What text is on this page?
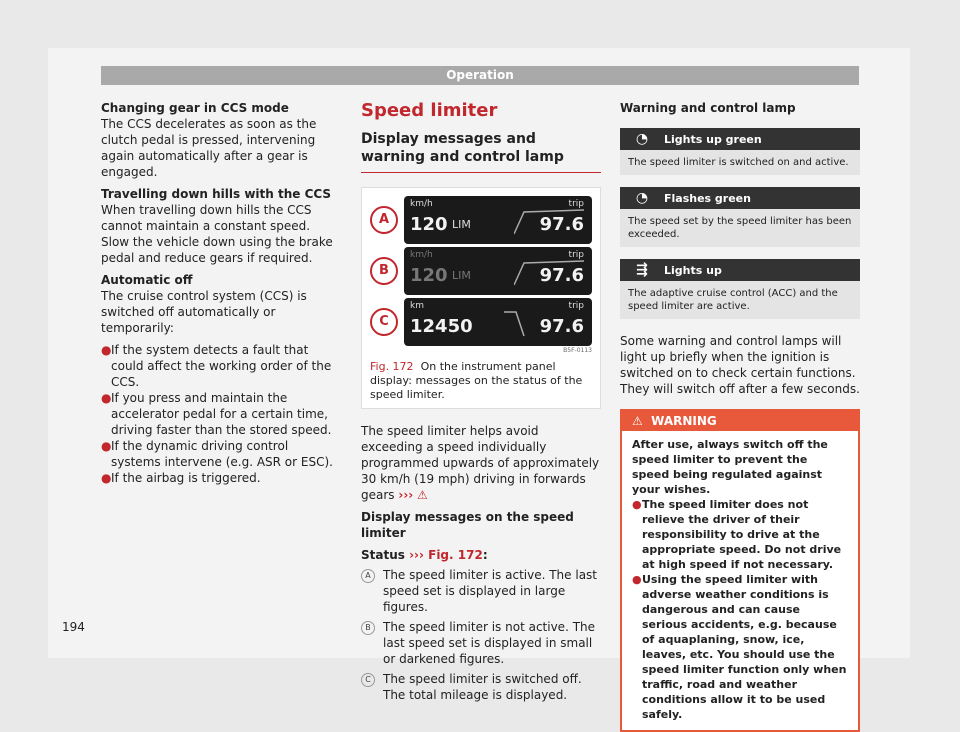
Operation

Changing gear in CCS mode

The CCS decelerates as soon as the clutch pedal is pressed, intervening again automatically after a gear is engaged.

Travelling down hills with the CCS

When travelling down hills the CCS cannot maintain a constant speed. Slow the vehicle down using the brake pedal and reduce gears if required.

Automatic off

The cruise control system (CCS) is switched off automatically or temporarily:

● If the system detects a fault that could affect the working order of the CCS.
● If you press and maintain the accelerator pedal for a certain time, driving faster than the stored speed.
● If the dynamic driving control systems intervene (e.g. ASR or ESC).
● If the airbag is triggered.
Speed limiter
Display messages and warning and control lamp
A
km/h
120 LIM
trip
97.6
B
km/h
120 LIM
trip
97.6
C
km
12450
trip
97.6
B5F-0113
Fig. 172 On the instrument panel display: messages on the status of the speed limiter.

The speed limiter helps avoid exceeding a speed individually programmed upwards of approximately 30 km/h (19 mph) driving in forwards gears ››› ⚠

Display messages on the speed limiter

Status ››› Fig. 172:

A	The speed limiter is active. The last speed set is displayed in large figures.
B	The speed limiter is not active. The last speed set is displayed in small or darkened figures.
C	The speed limiter is switched off. The total mileage is displayed.

Warning and control lamp

◔	Lights up green
The speed limiter is switched on and active.
◔	Flashes green
The speed set by the speed limiter has been exceeded.
⇶	Lights up
The adaptive cruise control (ACC) and the speed limiter are active.

Some warning and control lamps will light up briefly when the ignition is switched on to check certain functions. They will switch off after a few seconds.

⚠ WARNING
After use, always switch off the speed limiter to prevent the speed being regulated against your wishes.
● The speed limiter does not relieve the driver of their responsibility to drive at the appropriate speed. Do not drive at high speed if not necessary.
● Using the speed limiter with adverse weather conditions is dangerous and can cause serious accidents, e.g. because of aquaplaning, snow, ice, leaves, etc. You should use the speed limiter function only when traffic, road and weather conditions allow it to be used safely.
194
